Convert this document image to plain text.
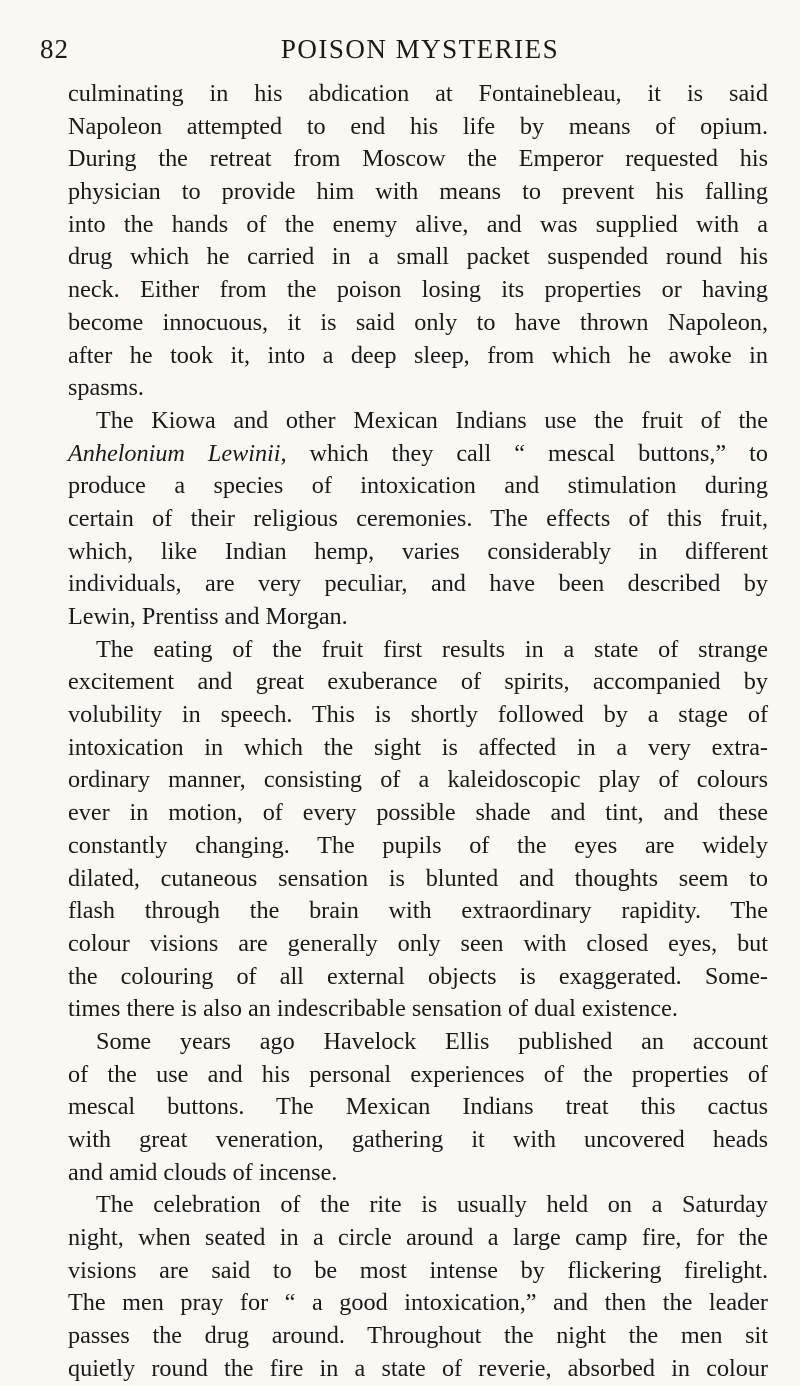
82	POISON MYSTERIES
culminating in his abdication at Fontainebleau, it is said
Napoleon attempted to end his life by means of opium.
During the retreat from Moscow the Emperor requested his
physician to provide him with means to prevent his falling
into the hands of the enemy alive, and was supplied with a
drug which he carried in a small packet suspended round his
neck. Either from the poison losing its properties or having
become innocuous, it is said only to have thrown Napoleon,
after he took it, into a deep sleep, from which he awoke in
spasms.
The Kiowa and other Mexican Indians use the fruit of the
Anhelonium Lewinii, which they call “ mescal buttons,” to
produce a species of intoxication and stimulation during
certain of their religious ceremonies. The effects of this fruit,
which, like Indian hemp, varies considerably in different
individuals, are very peculiar, and have been described by
Lewin, Prentiss and Morgan.
The eating of the fruit first results in a state of strange
excitement and great exuberance of spirits, accompanied by
volubility in speech. This is shortly followed by a stage of
intoxication in which the sight is affected in a very extra-
ordinary manner, consisting of a kaleidoscopic play of colours
ever in motion, of every possible shade and tint, and these
constantly changing. The pupils of the eyes are widely
dilated, cutaneous sensation is blunted and thoughts seem to
flash through the brain with extraordinary rapidity. The
colour visions are generally only seen with closed eyes, but
the colouring of all external objects is exaggerated. Some-
times there is also an indescribable sensation of dual existence.
Some years ago Havelock Ellis published an account
of the use and his personal experiences of the properties of
mescal buttons. The Mexican Indians treat this cactus
with great veneration, gathering it with uncovered heads
and amid clouds of incense.
The celebration of the rite is usually held on a Saturday
night, when seated in a circle around a large camp fire, for the
visions are said to be most intense by flickering firelight.
The men pray for “ a good intoxication,” and then the leader
passes the drug around. Throughout the night the men sit
quietly round the fire in a state of reverie, absorbed in colour
